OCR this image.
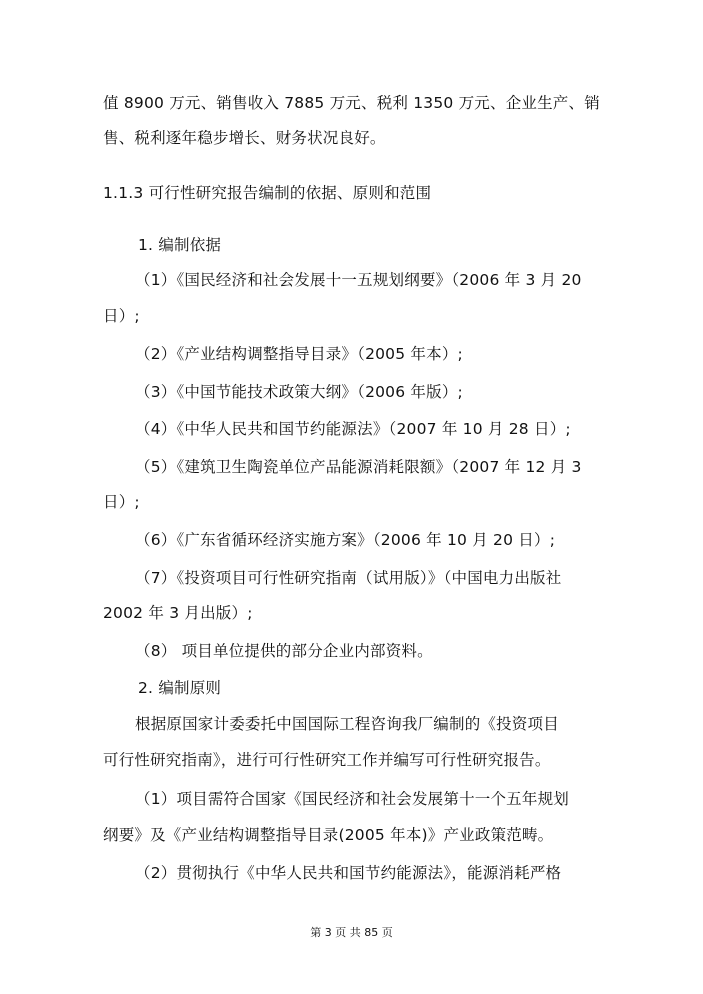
值 8900 万元、销售收入 7885 万元、税利 1350 万元、企业生产、销
售、税利逐年稳步增长、财务状况良好。
1.1.3 可行性研究报告编制的依据、原则和范围
1. 编制依据
（1）《国民经济和社会发展十一五规划纲要》（2006 年 3 月 20
日）;
（2）《产业结构调整指导目录》（2005 年本）;
（3）《中国节能技术政策大纲》（2006 年版）;
（4）《中华人民共和国节约能源法》（2007 年 10 月 28 日）;
（5）《建筑卫生陶瓷单位产品能源消耗限额》（2007 年 12 月 3
日）;
（6）《广东省循环经济实施方案》（2006 年 10 月 20 日）;
（7）《投资项目可行性研究指南（试用版）》（中国电力出版社
2002 年 3 月出版）;
（8） 项目单位提供的部分企业内部资料。
2. 编制原则
根据原国家计委委托中国国际工程咨询我厂编制的《投资项目
可行性研究指南》，进行可行性研究工作并编写可行性研究报告。
（1）项目需符合国家《国民经济和社会发展第十一个五年规划
纲要》及《产业结构调整指导目录(2005 年本)》产业政策范畴。
（2）贯彻执行《中华人民共和国节约能源法》，能源消耗严格
第 3 页 共 85 页
